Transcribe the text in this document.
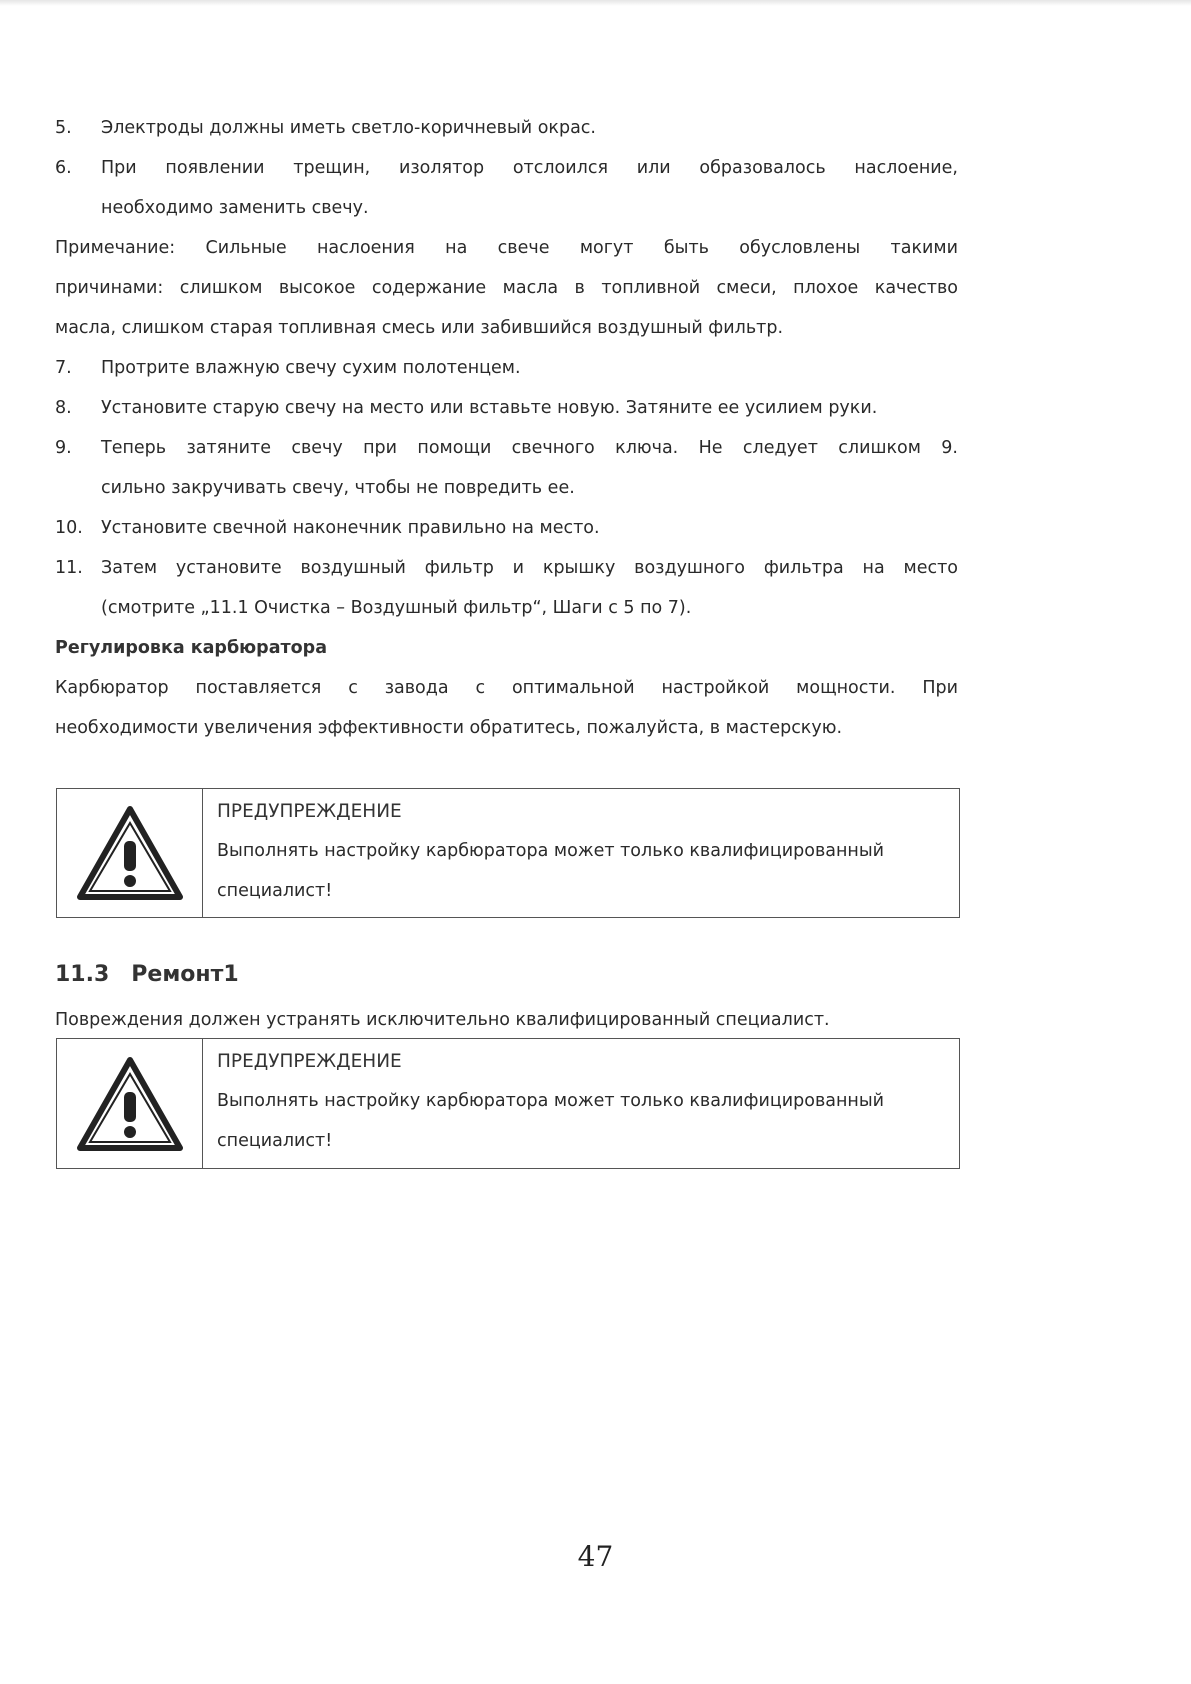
5.	Электроды должны иметь светло-коричневый окрас.
6.	При появлении трещин, изолятор отслоился или образовалось наслоение,
необходимо заменить свечу.
Примечание: Сильные наслоения на свече могут быть обусловлены такими
причинами: слишком высокое содержание масла в топливной смеси, плохое качество
масла, слишком старая топливная смесь или забившийся воздушный фильтр.
7.	Протрите влажную свечу сухим полотенцем.
8.	Установите старую свечу на место или вставьте новую. Затяните ее усилием руки.
9.	Теперь затяните свечу при помощи свечного ключа. Не следует слишком 9.
сильно закручивать свечу, чтобы не повредить ее.
10.	Установите свечной наконечник правильно на место.
11.	Затем установите воздушный фильтр и крышку воздушного фильтра на место
(смотрите „11.1 Очистка – Воздушный фильтр“, Шаги с 5 по 7).
Регулировка карбюратора
Карбюратор поставляется с завода с оптимальной настройкой мощности. При
необходимости увеличения эффективности обратитесь, пожалуйста, в мастерскую.
ПРЕДУПРЕЖДЕНИЕ
Выполнять настройку карбюратора может только квалифицированный
специалист!
11.3 Ремонт1
Повреждения должен устранять исключительно квалифицированный специалист.
ПРЕДУПРЕЖДЕНИЕ
Выполнять настройку карбюратора может только квалифицированный
специалист!
47
